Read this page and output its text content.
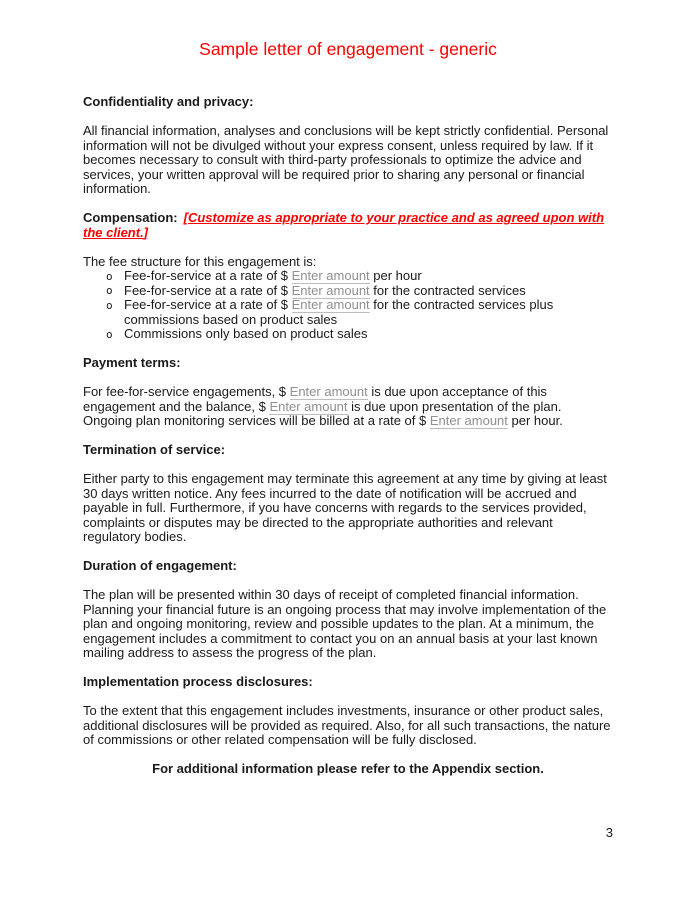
Sample letter of engagement - generic

Confidentiality and privacy:

All financial information, analyses and conclusions will be kept strictly confidential. Personal information will not be divulged without your express consent, unless required by law. If it becomes necessary to consult with third-party professionals to optimize the advice and services, your written approval will be required prior to sharing any personal or financial information.

Compensation: [Customize as appropriate to your practice and as agreed upon with the client.]

The fee structure for this engagement is:

o Fee-for-service at a rate of $ Enter amount per hour
o Fee-for-service at a rate of $ Enter amount for the contracted services
o Fee-for-service at a rate of $ Enter amount for the contracted services plus commissions based on product sales
o Commissions only based on product sales

Payment terms:

For fee-for-service engagements, $ Enter amount is due upon acceptance of this engagement and the balance, $ Enter amount is due upon presentation of the plan. Ongoing plan monitoring services will be billed at a rate of $ Enter amount per hour.

Termination of service:

Either party to this engagement may terminate this agreement at any time by giving at least 30 days written notice. Any fees incurred to the date of notification will be accrued and payable in full. Furthermore, if you have concerns with regards to the services provided, complaints or disputes may be directed to the appropriate authorities and relevant regulatory bodies.

Duration of engagement:

The plan will be presented within 30 days of receipt of completed financial information. Planning your financial future is an ongoing process that may involve implementation of the plan and ongoing monitoring, review and possible updates to the plan. At a minimum, the engagement includes a commitment to contact you on an annual basis at your last known mailing address to assess the progress of the plan.

Implementation process disclosures:

To the extent that this engagement includes investments, insurance or other product sales, additional disclosures will be provided as required. Also, for all such transactions, the nature of commissions or other related compensation will be fully disclosed.

For additional information please refer to the Appendix section.

3
